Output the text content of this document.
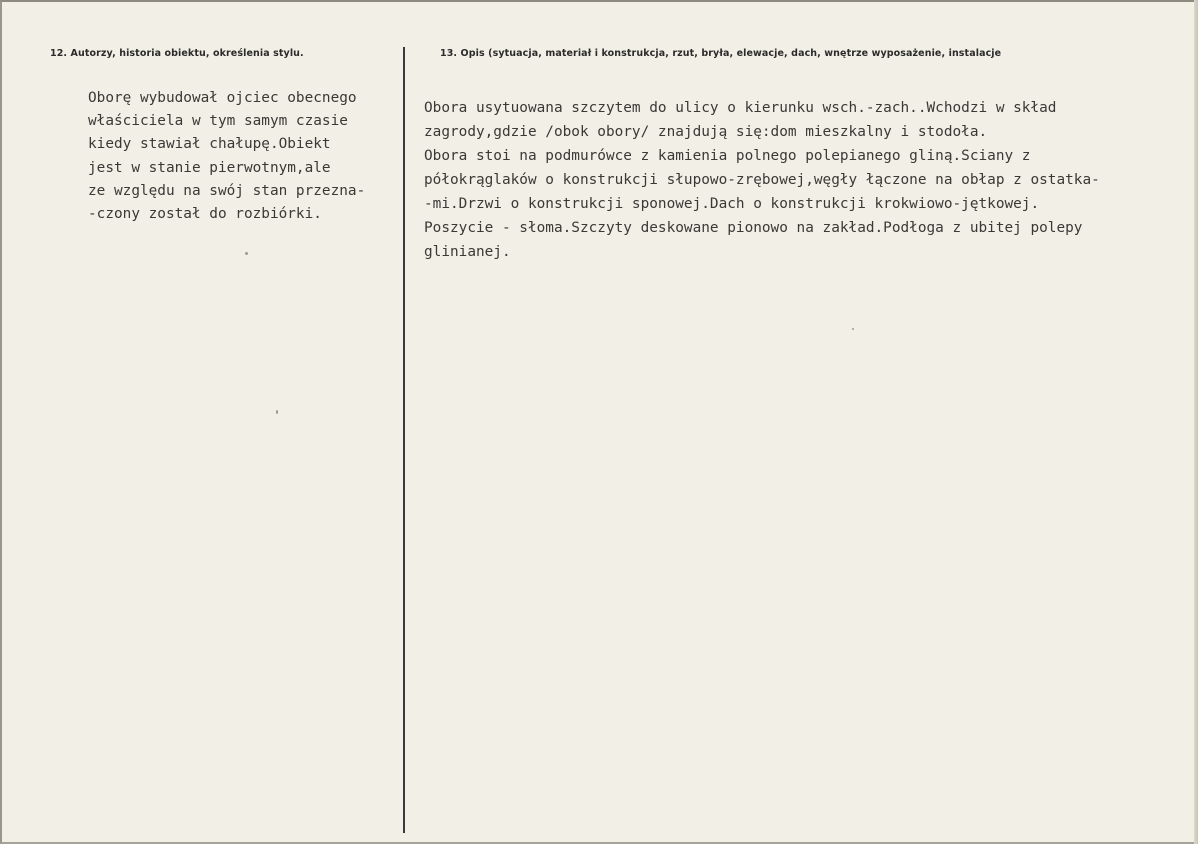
12. Autorzy, historia obiektu, określenia stylu.	13. Opis (sytuacja, materiał i konstrukcja, rzut, bryła, elewacje, dach, wnętrze wyposażenie, instalacje
Oborę wybudował ojciec obecnego
właściciela w tym samym czasie
kiedy stawiał chałupę.Obiekt
jest w stanie pierwotnym,ale
ze względu na swój stan przezna-
-czony został do rozbiórki.
Obora usytuowana szczytem do ulicy o kierunku wsch.-zach..Wchodzi w skład
zagrody,gdzie /obok obory/ znajdują się:dom mieszkalny i stodoła.
Obora stoi na podmurówce z kamienia polnego polepianego gliną.Sciany z
półokrąglaków o konstrukcji słupowo-zrębowej,węgły łączone na obłap z ostatka-
-mi.Drzwi o konstrukcji sponowej.Dach o konstrukcji krokwiowo-jętkowej.
Poszycie - słoma.Szczyty deskowane pionowo na zakład.Podłoga z ubitej polepy
glinianej.
